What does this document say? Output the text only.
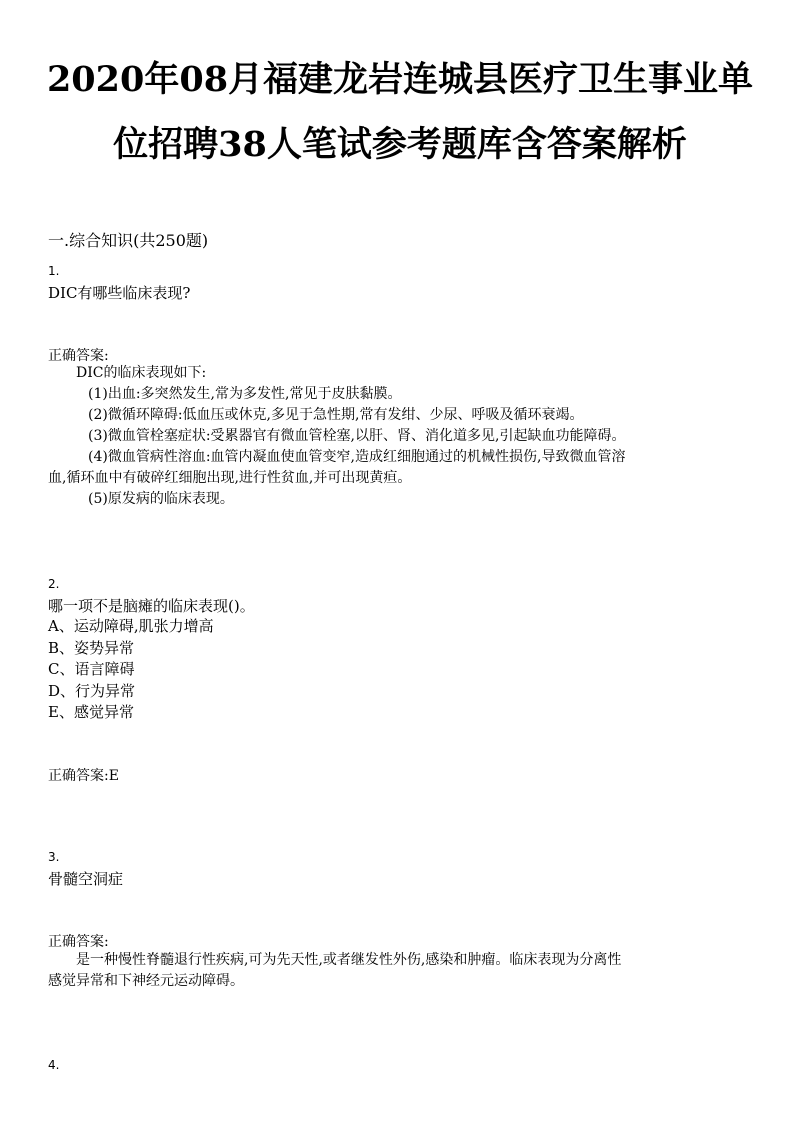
2020年08月福建龙岩连城县医疗卫生事业单
位招聘38人笔试参考题库含答案解析
一.综合知识(共250题)
1.
DIC有哪些临床表现?
正确答案:
DIC的临床表现如下:
(1)出血:多突然发生,常为多发性,常见于皮肤黏膜。
(2)微循环障碍:低血压或休克,多见于急性期,常有发绀、少尿、呼吸及循环衰竭。
(3)微血管栓塞症状:受累器官有微血管栓塞,以肝、肾、消化道多见,引起缺血功能障碍。
(4)微血管病性溶血:血管内凝血使血管变窄,造成红细胞通过的机械性损伤,导致微血管溶
血,循环血中有破碎红细胞出现,进行性贫血,并可出现黄疸。
(5)原发病的临床表现。
2.
哪一项不是脑瘫的临床表现()。
A、运动障碍,肌张力增高
B、姿势异常
C、语言障碍
D、行为异常
E、感觉异常
正确答案:E
3.
骨髓空洞症
正确答案:
是一种慢性脊髓退行性疾病,可为先天性,或者继发性外伤,感染和肿瘤。临床表现为分离性
感觉异常和下神经元运动障碍。
4.
